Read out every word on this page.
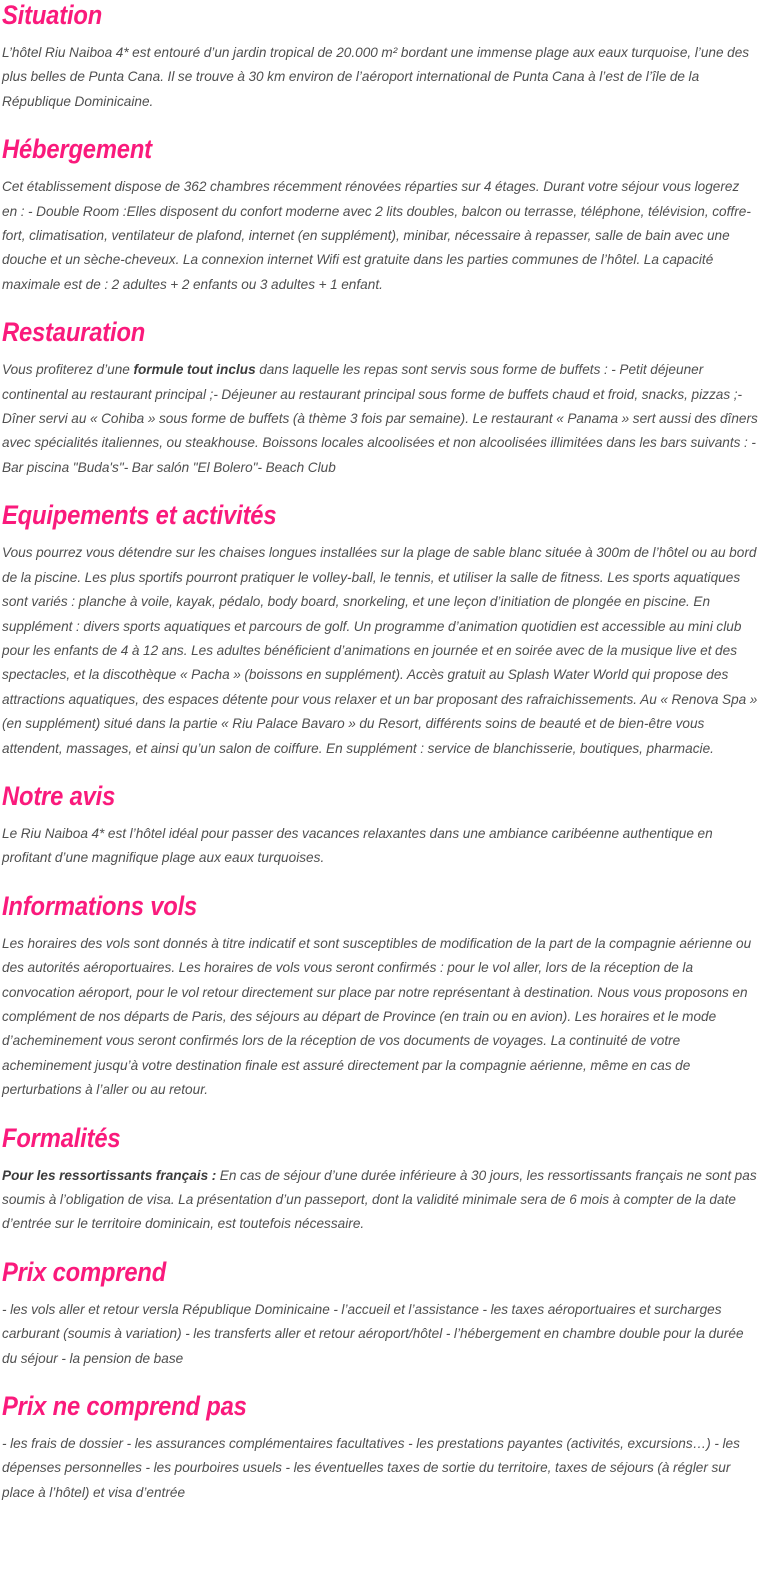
Situation

L’hôtel Riu Naiboa 4* est entouré d’un jardin tropical de 20.000 m² bordant une immense plage aux eaux turquoise, l’une des plus belles de Punta Cana. Il se trouve à 30 km environ de l’aéroport international de Punta Cana à l’est de l’île de la République Dominicaine.

Hébergement

Cet établissement dispose de 362 chambres récemment rénovées réparties sur 4 étages. Durant votre séjour vous logerez en : - Double Room :Elles disposent du confort moderne avec 2 lits doubles, balcon ou terrasse, téléphone, télévision, coffre-fort, climatisation, ventilateur de plafond, internet (en supplément), minibar, nécessaire à repasser, salle de bain avec une douche et un sèche-cheveux. La connexion internet Wifi est gratuite dans les parties communes de l’hôtel. La capacité maximale est de : 2 adultes + 2 enfants ou 3 adultes + 1 enfant.

Restauration

Vous profiterez d’une formule tout inclus dans laquelle les repas sont servis sous forme de buffets : - Petit déjeuner continental au restaurant principal ;- Déjeuner au restaurant principal sous forme de buffets chaud et froid, snacks, pizzas ;- Dîner servi au « Cohiba » sous forme de buffets (à thème 3 fois par semaine). Le restaurant « Panama » sert aussi des dîners avec spécialités italiennes, ou steakhouse. Boissons locales alcoolisées et non alcoolisées illimitées dans les bars suivants : - Bar piscina "Buda's"- Bar salón "El Bolero"- Beach Club

Equipements et activités

Vous pourrez vous détendre sur les chaises longues installées sur la plage de sable blanc située à 300m de l’hôtel ou au bord de la piscine. Les plus sportifs pourront pratiquer le volley-ball, le tennis, et utiliser la salle de fitness. Les sports aquatiques sont variés : planche à voile, kayak, pédalo, body board, snorkeling, et une leçon d’initiation de plongée en piscine. En supplément : divers sports aquatiques et parcours de golf. Un programme d’animation quotidien est accessible au mini club pour les enfants de 4 à 12 ans. Les adultes bénéficient d’animations en journée et en soirée avec de la musique live et des spectacles, et la discothèque « Pacha » (boissons en supplément). Accès gratuit au Splash Water World qui propose des attractions aquatiques, des espaces détente pour vous relaxer et un bar proposant des rafraichissements. Au « Renova Spa » (en supplément) situé dans la partie « Riu Palace Bavaro » du Resort, différents soins de beauté et de bien-être vous attendent, massages, et ainsi qu’un salon de coiffure. En supplément : service de blanchisserie, boutiques, pharmacie.

Notre avis

Le Riu Naiboa 4* est l’hôtel idéal pour passer des vacances relaxantes dans une ambiance caribéenne authentique en profitant d’une magnifique plage aux eaux turquoises.

Informations vols

Les horaires des vols sont donnés à titre indicatif et sont susceptibles de modification de la part de la compagnie aérienne ou des autorités aéroportuaires. Les horaires de vols vous seront confirmés : pour le vol aller, lors de la réception de la convocation aéroport, pour le vol retour directement sur place par notre représentant à destination. Nous vous proposons en complément de nos départs de Paris, des séjours au départ de Province (en train ou en avion). Les horaires et le mode d’acheminement vous seront confirmés lors de la réception de vos documents de voyages. La continuité de votre acheminement jusqu’à votre destination finale est assuré directement par la compagnie aérienne, même en cas de perturbations à l’aller ou au retour.

Formalités

Pour les ressortissants français : En cas de séjour d’une durée inférieure à 30 jours, les ressortissants français ne sont pas soumis à l’obligation de visa. La présentation d’un passeport, dont la validité minimale sera de 6 mois à compter de la date d’entrée sur le territoire dominicain, est toutefois nécessaire.

Prix comprend

- les vols aller et retour versla République Dominicaine - l’accueil et l’assistance - les taxes aéroportuaires et surcharges carburant (soumis à variation) - les transferts aller et retour aéroport/hôtel - l’hébergement en chambre double pour la durée du séjour - la pension de base

Prix ne comprend pas

- les frais de dossier - les assurances complémentaires facultatives - les prestations payantes (activités, excursions…) - les dépenses personnelles - les pourboires usuels - les éventuelles taxes de sortie du territoire, taxes de séjours (à régler sur place à l’hôtel) et visa d’entrée
